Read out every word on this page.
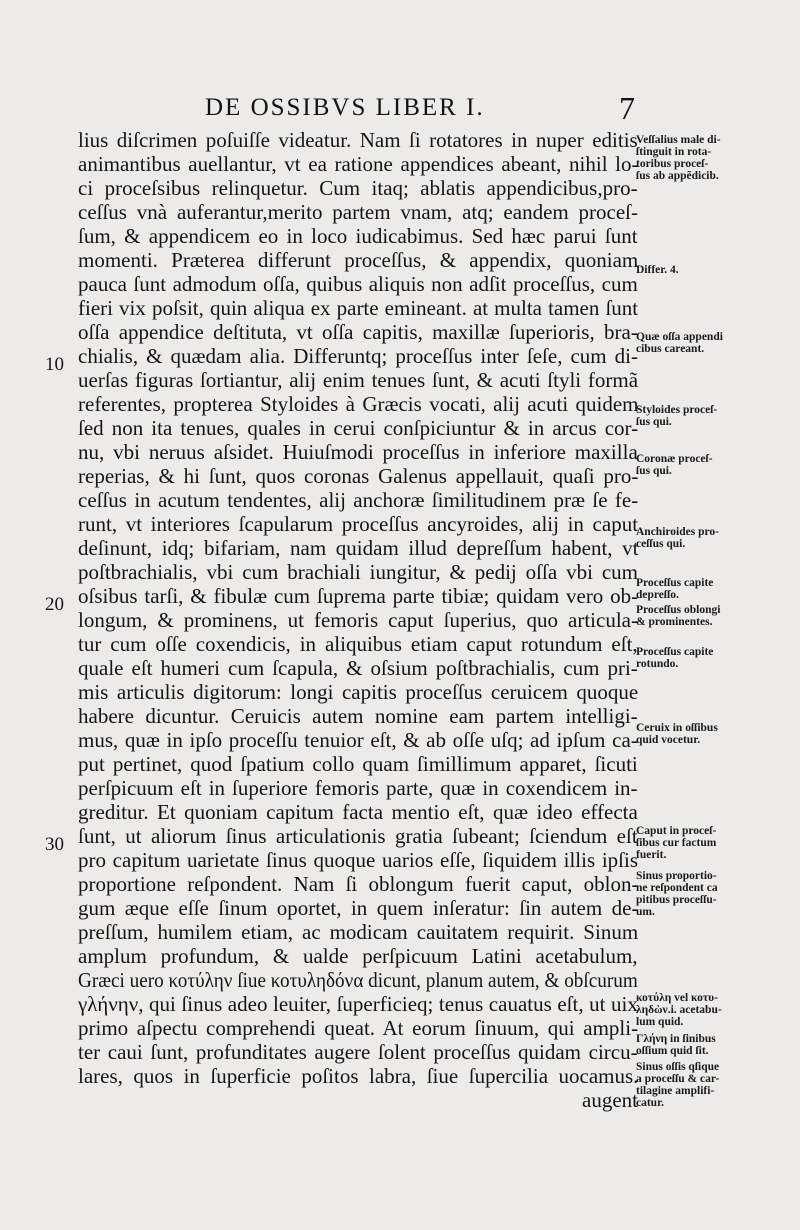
DE OSSIBVS LIBER I.	7
lius diſcrimen poſuiſſe videatur. Nam ſi rotatores in nuper editis
animantibus auellantur, vt ea ratione appendices abeant, nihil lo-
ci proceſsibus relinquetur. Cum itaq; ablatis appendicibus,pro-
ceſſus vnà auferantur,merito partem vnam, atq; eandem proceſ-
ſum, & appendicem eo in loco iudicabimus. Sed hæc parui ſunt
momenti. Præterea differunt proceſſus, & appendix, quoniam
pauca ſunt admodum oſſa, quibus aliquis non adſit proceſſus, cum
fieri vix poſsit, quin aliqua ex parte emineant. at multa tamen ſunt
oſſa appendice deſtituta, vt oſſa capitis, maxillæ ſuperioris, bra-
chialis, & quædam alia. Differuntq; proceſſus inter ſeſe, cum di-
uerſas figuras ſortiantur, alij enim tenues ſunt, & acuti ſtyli formã
referentes, propterea Styloides à Græcis vocati, alij acuti quidem
ſed non ita tenues, quales in cerui conſpiciuntur & in arcus cor-
nu, vbi neruus aſsidet. Huiuſmodi proceſſus in inferiore maxilla
reperias, & hi ſunt, quos coronas Galenus appellauit, quaſi pro-
ceſſus in acutum tendentes, alij anchoræ ſimilitudinem præ ſe fe-
runt, vt interiores ſcapularum proceſſus ancyroides, alij in caput
deſinunt, idq; bifariam, nam quidam illud depreſſum habent, vt
poſtbrachialis, vbi cum brachiali iungitur, & pedij oſſa vbi cum
oſsibus tarſi, & fibulæ cum ſuprema parte tibiæ; quidam vero ob-
longum, & prominens, ut femoris caput ſuperius, quo articula-
tur cum oſſe coxendicis, in aliquibus etiam caput rotundum eſt,
quale eſt humeri cum ſcapula, & oſsium poſtbrachialis, cum pri-
mis articulis digitorum: longi capitis proceſſus ceruicem quoque
habere dicuntur. Ceruicis autem nomine eam partem intelligi-
mus, quæ in ipſo proceſſu tenuior eſt, & ab oſſe uſq; ad ipſum ca-
put pertinet, quod ſpatium collo quam ſimillimum apparet, ſicuti
perſpicuum eſt in ſuperiore femoris parte, quæ in coxendicem in-
greditur. Et quoniam capitum facta mentio eſt, quæ ideo effecta
ſunt, ut aliorum ſinus articulationis gratia ſubeant; ſciendum eſt
pro capitum uarietate ſinus quoque uarios eſſe, ſiquidem illis ipſis
proportione reſpondent. Nam ſi oblongum fuerit caput, oblon-
gum æque eſſe ſinum oportet, in quem inſeratur: ſin autem de-
preſſum, humilem etiam, ac modicam cauitatem requirit. Sinum
amplum profundum, & ualde perſpicuum Latini acetabulum,
Græci uero κοτύλην ſiue κοτυληδόνα dicunt, planum autem, & obſcurum
γλήνην, qui ſinus adeo leuiter, ſuperficieq; tenus cauatus eſt, ut uix
primo aſpectu comprehendi queat. At eorum ſinuum, qui ampli-
ter caui ſunt, profunditates augere ſolent proceſſus quidam circu-
lares, quos in ſuperficie poſitos labra, ſiue ſupercilia uocamus.
augent
10
20
30
Veſſalius male di-
ſtinguit in rota-
toribus proceſ-
ſus ab appẽdicib.
Differ. 4.
Quæ oſſa appendi
cibus careant.
Styloides proceſ-
ſus qui.
Coronæ proceſ-
ſus qui.
Anchiroides pro-
ceſſus qui.
Proceſſus capite
depreſſo.
Proceſſus oblongi
& prominentes.
Proceſſus capite
rotundo.
Ceruix in oſſibus
quid vocetur.
Caput in proceſ-
ſibus cur factum
fuerit.
Sinus proportio-
ne reſpondent ca
pitibus proceſſu-
um.
κοτύλη vel κοτυ-
ληδὼν.i. acetabu-
lum quid.
Γλήνη in ſinibus
oſſium quid ſit.
Sinus oſſis qſique
a proceſſu & car-
tilagine amplifi-
catur.
